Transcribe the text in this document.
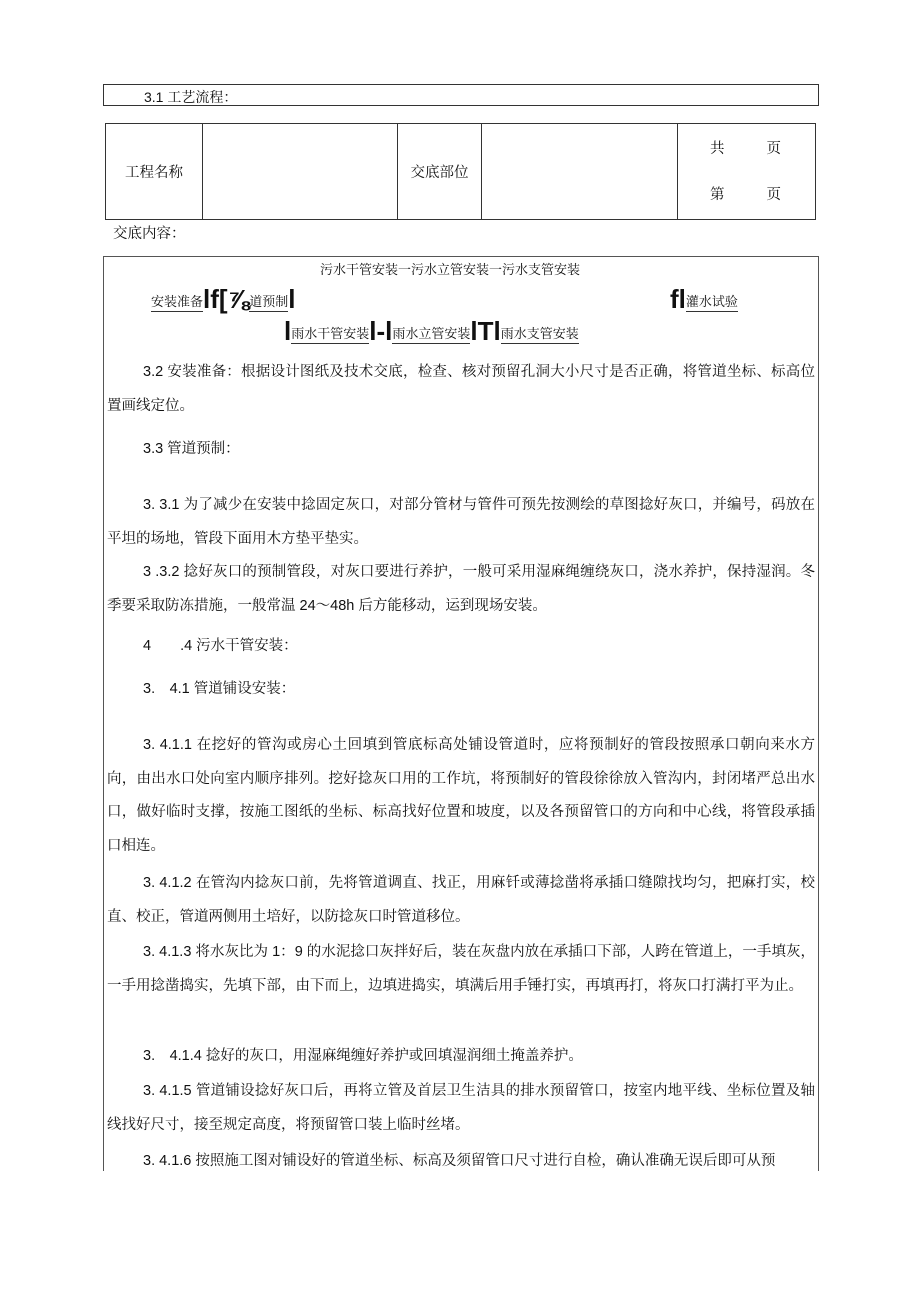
3.1 工艺流程：
工程名称		交底部位		
共	页
第	页
交底内容：
污水干管安装一污水立管安装一污水支管安装
安装准备 lf[⅞ 道预制 l	fl 灌水试验
l 雨水干管安装 l-l 雨水立管安装 lTl 雨水支管安装

3.2 安装准备：根据设计图纸及技术交底，检查、核对预留孔洞大小尺寸是否正确，将管道坐标、标高位置画线定位。

3.3 管道预制：

3. 3.1 为了减少在安装中捻固定灰口，对部分管材与管件可预先按测绘的草图捻好灰口，并编号，码放在平坦的场地，管段下面用木方垫平垫实。

3 .3.2 捻好灰口的预制管段，对灰口要进行养护，一般可采用湿麻绳缠绕灰口，浇水养护，保持湿润。冬季要采取防冻措施，一般常温 24～48h 后方能移动，运到现场安装。

4　　.4 污水干管安装：

3.　4.1 管道铺设安装：

3. 4.1.1 在挖好的管沟或房心土回填到管底标高处铺设管道时，应将预制好的管段按照承口朝向来水方向，由出水口处向室内顺序排列。挖好捻灰口用的工作坑，将预制好的管段徐徐放入管沟内，封闭堵严总出水口，做好临时支撑，按施工图纸的坐标、标高找好位置和坡度，以及各预留管口的方向和中心线，将管段承插口相连。

3. 4.1.2 在管沟内捻灰口前，先将管道调直、找正，用麻钎或薄捻凿将承插口缝隙找均匀，把麻打实，校直、校正，管道两侧用土培好，以防捻灰口时管道移位。

3. 4.1.3 将水灰比为 1：9 的水泥捻口灰拌好后，装在灰盘内放在承插口下部，人跨在管道上，一手填灰，一手用捻凿捣实，先填下部，由下而上，边填进捣实，填满后用手锤打实，再填再打，将灰口打满打平为止。

3.　4.1.4 捻好的灰口，用湿麻绳缠好养护或回填湿润细土掩盖养护。

3. 4.1.5 管道铺设捻好灰口后，再将立管及首层卫生洁具的排水预留管口，按室内地平线、坐标位置及轴线找好尺寸，接至规定高度，将预留管口装上临时丝堵。

3. 4.1.6 按照施工图对铺设好的管道坐标、标高及须留管口尺寸进行自检，确认准确无误后即可从预
